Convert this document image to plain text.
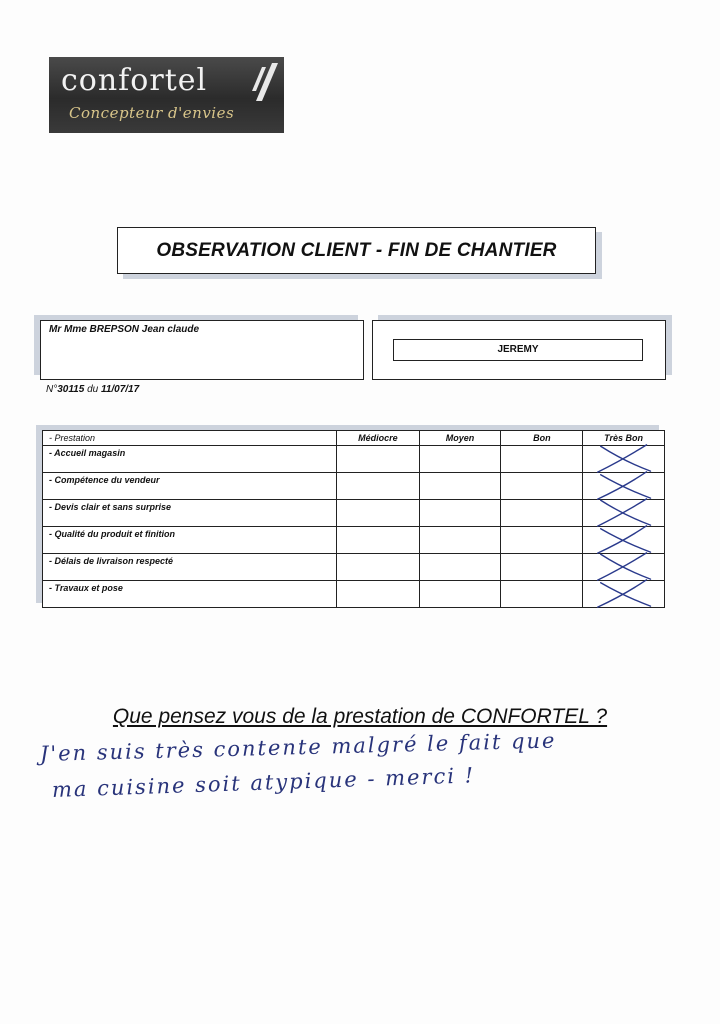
confortel
Concepteur d'envies
OBSERVATION CLIENT - FIN DE CHANTIER
Mr Mme BREPSON Jean claude
JEREMY
N°30115 du 11/07/17
- Prestation	Médiocre	Moyen	Bon	Très Bon
- Accueil magasin				
- Compétence du vendeur				
- Devis clair et sans surprise				
- Qualité du produit et finition				
- Délais de livraison respecté				
- Travaux et pose				
Que pensez vous de la prestation de CONFORTEL ?
J'en suis très contente malgré le fait que
ma cuisine soit atypique - merci !
